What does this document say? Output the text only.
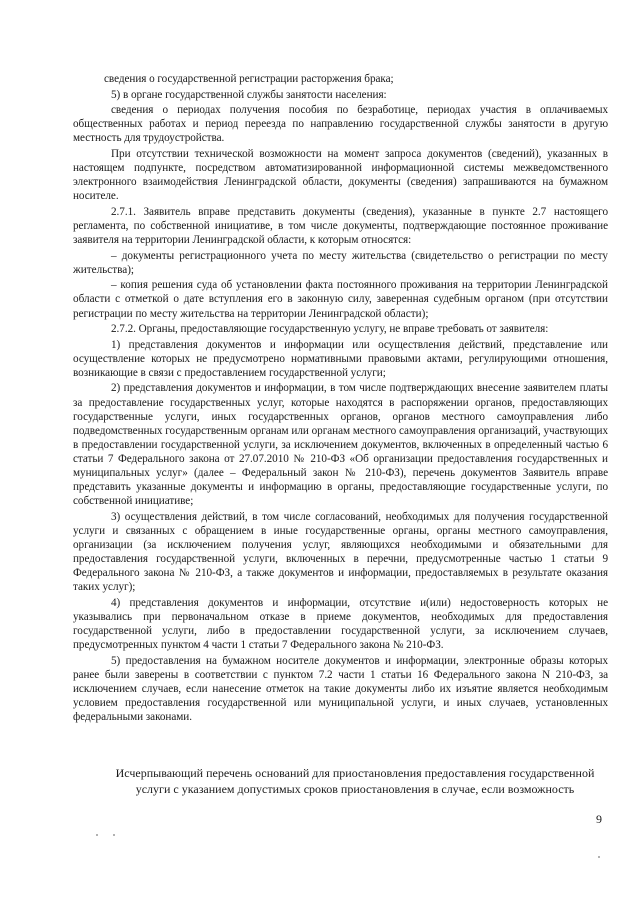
сведения о государственной регистрации расторжения брака;

5) в органе государственной службы занятости населения:

сведения о периодах получения пособия по безработице, периодах участия в оплачиваемых общественных работах и период переезда по направлению государственной службы занятости в другую местность для трудоустройства.

При отсутствии технической возможности на момент запроса документов (сведений), указанных в настоящем подпункте, посредством автоматизированной информационной системы межведомственного электронного взаимодействия Ленинградской области, документы (сведения) запрашиваются на бумажном носителе.

2.7.1. Заявитель вправе представить документы (сведения), указанные в пункте 2.7 настоящего регламента, по собственной инициативе, в том числе документы, подтверждающие постоянное проживание заявителя на территории Ленинградской области, к которым относятся:

– документы регистрационного учета по месту жительства (свидетельство о регистрации по месту жительства);

– копия решения суда об установлении факта постоянного проживания на территории Ленинградской области с отметкой о дате вступления его в законную силу, заверенная судебным органом (при отсутствии регистрации по месту жительства на территории Ленинградской области);

2.7.2. Органы, предоставляющие государственную услугу, не вправе требовать от заявителя:

1) представления документов и информации или осуществления действий, представление или осуществление которых не предусмотрено нормативными правовыми актами, регулирующими отношения, возникающие в связи с предоставлением государственной услуги;

2) представления документов и информации, в том числе подтверждающих внесение заявителем платы за предоставление государственных услуг, которые находятся в распоряжении органов, предоставляющих государственные услуги, иных государственных органов, органов местного самоуправления либо подведомственных государственным органам или органам местного самоуправления организаций, участвующих в предоставлении государственной услуги, за исключением документов, включенных в определенный частью 6 статьи 7 Федерального закона от 27.07.2010 № 210-ФЗ «Об организации предоставления государственных и муниципальных услуг» (далее – Федеральный закон № 210-ФЗ), перечень документов Заявитель вправе представить указанные документы и информацию в органы, предоставляющие государственные услуги, по собственной инициативе;

3) осуществления действий, в том числе согласований, необходимых для получения государственной услуги и связанных с обращением в иные государственные органы, органы местного самоуправления, организации (за исключением получения услуг, являющихся необходимыми и обязательными для предоставления государственной услуги, включенных в перечни, предусмотренные частью 1 статьи 9 Федерального закона № 210-ФЗ, а также документов и информации, предоставляемых в результате оказания таких услуг);

4) представления документов и информации, отсутствие и(или) недостоверность которых не указывались при первоначальном отказе в приеме документов, необходимых для предоставления государственной услуги, либо в предоставлении государственной услуги, за исключением случаев, предусмотренных пунктом 4 части 1 статьи 7 Федерального закона № 210-ФЗ.

5) предоставления на бумажном носителе документов и информации, электронные образы которых ранее были заверены в соответствии с пунктом 7.2 части 1 статьи 16 Федерального закона N 210-ФЗ, за исключением случаев, если нанесение отметок на такие документы либо их изъятие является необходимым условием предоставления государственной или муниципальной услуги, и иных случаев, установленных федеральными законами.

Исчерпывающий перечень оснований для приостановления предоставления государственной услуги с указанием допустимых сроков приостановления в случае, если возможность
9
